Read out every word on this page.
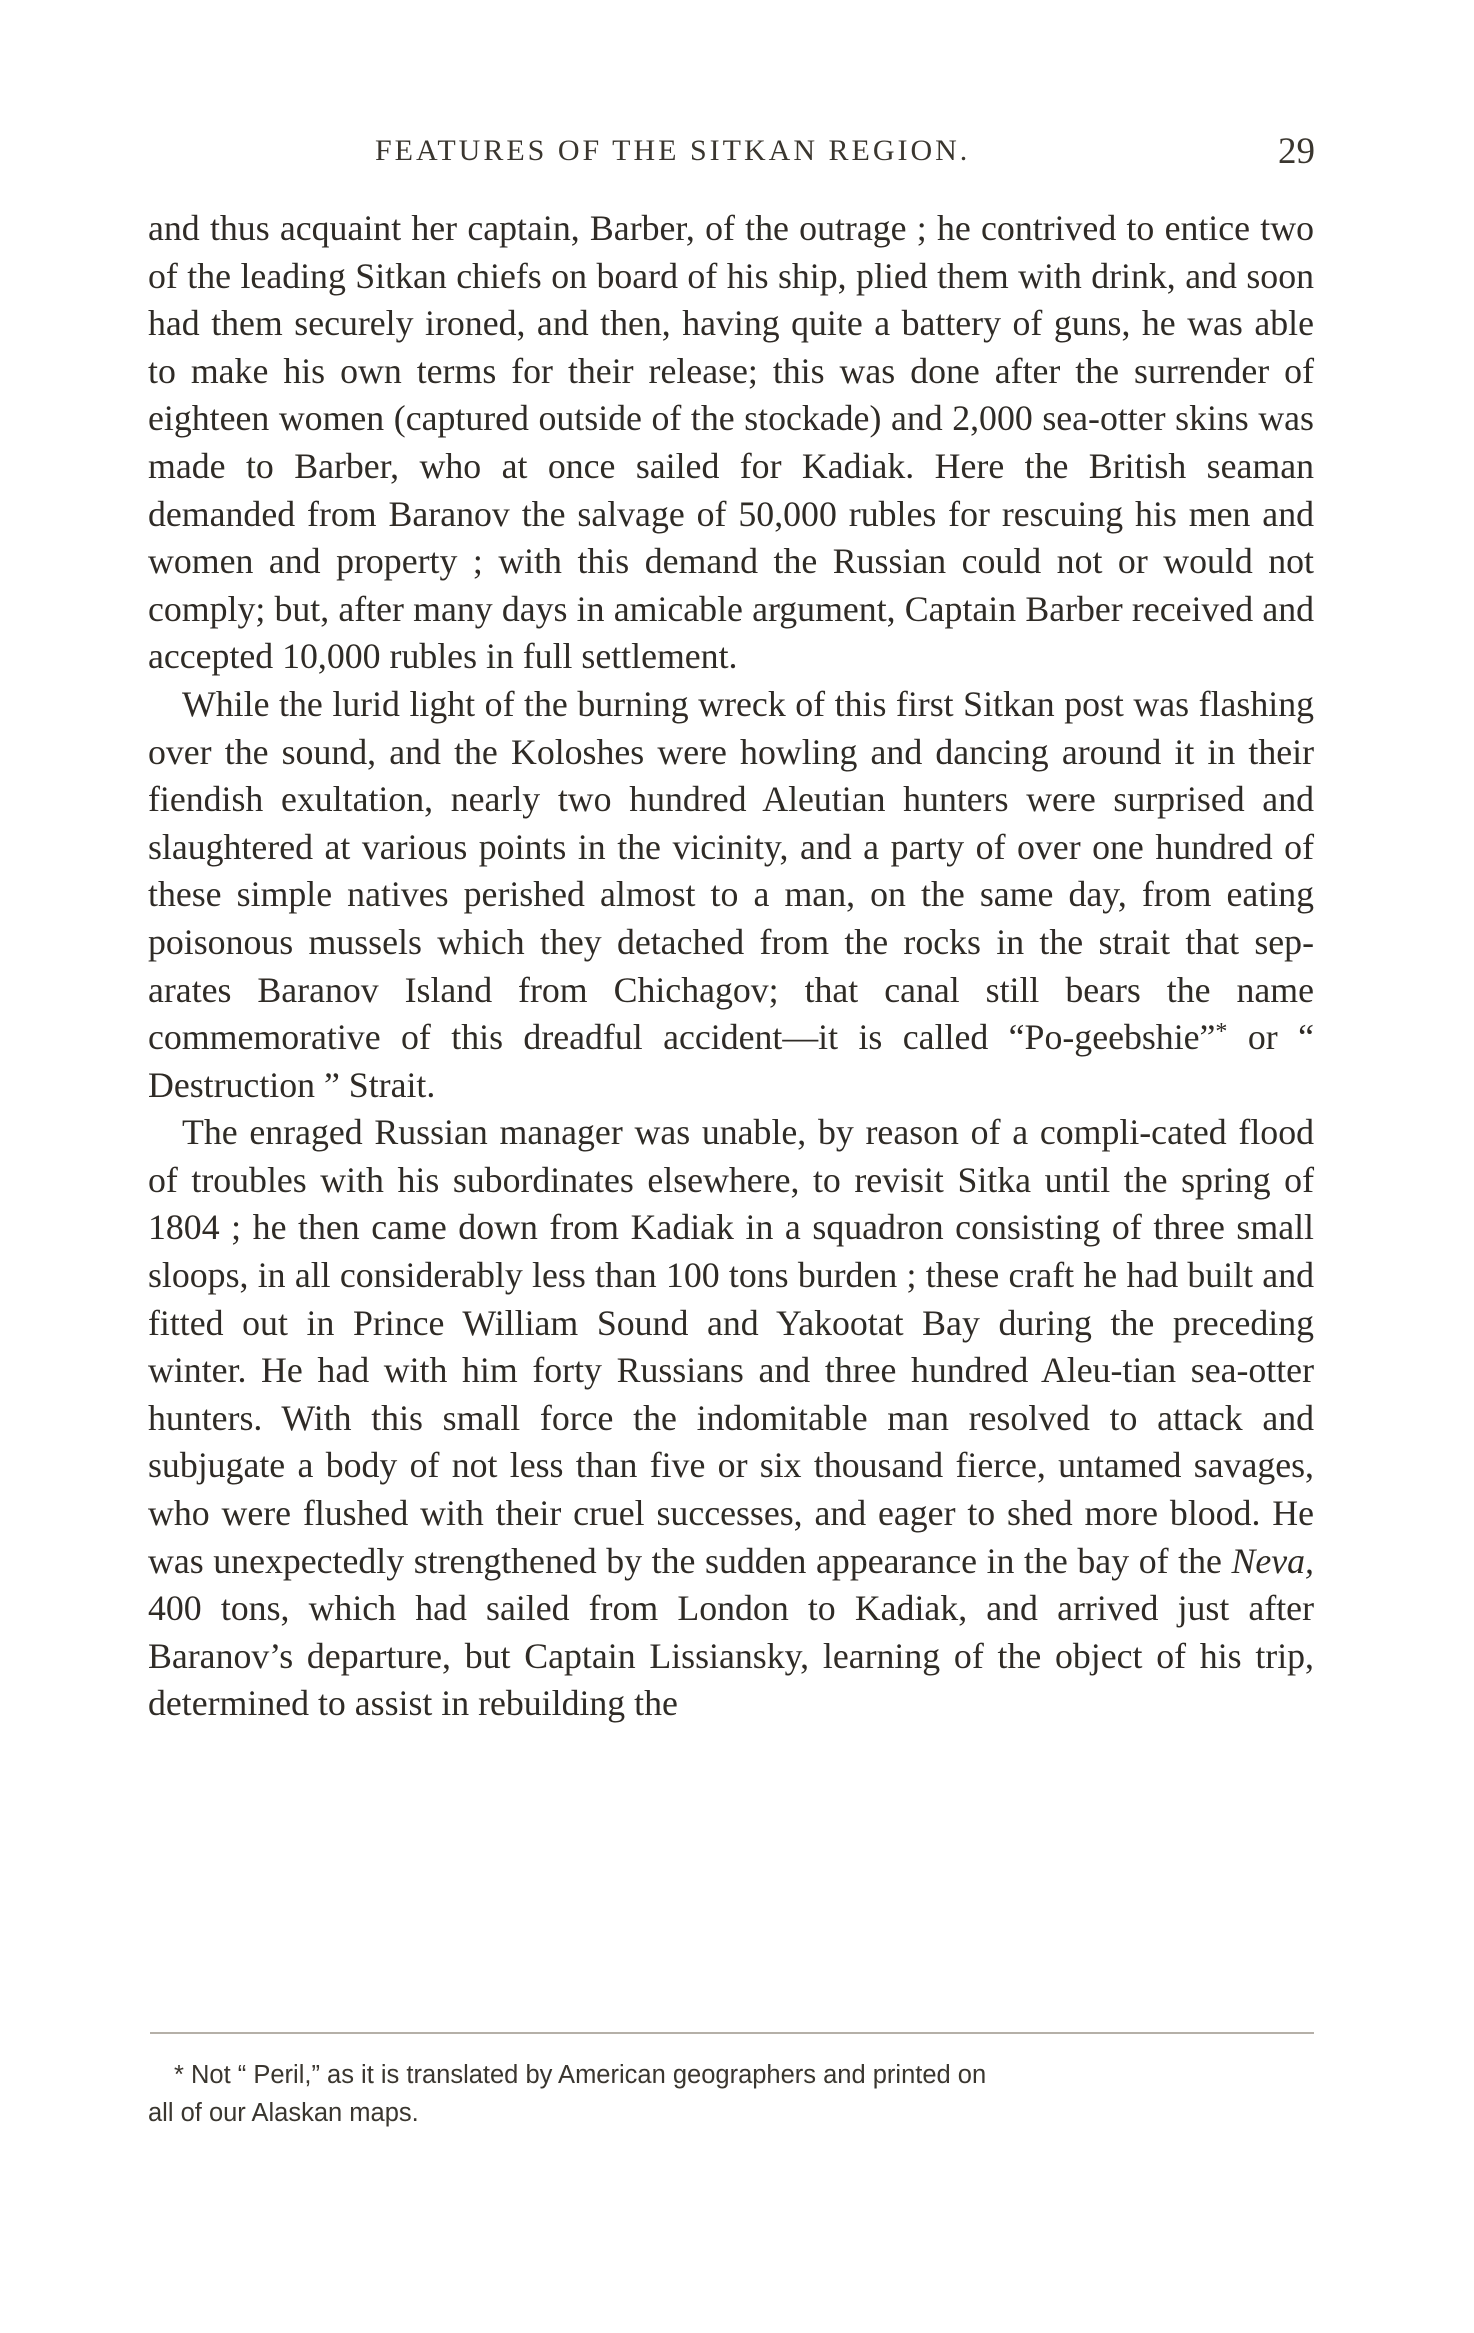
FEATURES OF THE SITKAN REGION.	29

and thus acquaint her captain, Barber, of the outrage ; he contrived to entice two of the leading Sitkan chiefs on board of his ship, plied them with drink, and soon had them securely ironed, and then, having quite a battery of guns, he was able to make his own terms for their release; this was done after the surrender of eighteen women (captured outside of the stockade) and 2,000 sea-otter skins was made to Barber, who at once sailed for Kadiak. Here the British seaman demanded from Baranov the salvage of 50,000 rubles for rescuing his men and women and property ; with this demand the Russian could not or would not comply; but, after many days in amicable argument, Captain Barber received and accepted 10,000 rubles in full settlement.

While the lurid light of the burning wreck of this first Sitkan post was flashing over the sound, and the Koloshes were howling and dancing around it in their fiendish exultation, nearly two hundred Aleutian hunters were surprised and slaughtered at various points in the vicinity, and a party of over one hundred of these simple natives perished almost to a man, on the same day, from eating poisonous mussels which they detached from the rocks in the strait that sep-arates Baranov Island from Chichagov; that canal still bears the name commemorative of this dreadful accident—it is called “Po-geebshie”* or “ Destruction ” Strait.

The enraged Russian manager was unable, by reason of a compli-cated flood of troubles with his subordinates elsewhere, to revisit Sitka until the spring of 1804 ; he then came down from Kadiak in a squadron consisting of three small sloops, in all considerably less than 100 tons burden ; these craft he had built and fitted out in Prince William Sound and Yakootat Bay during the preceding winter. He had with him forty Russians and three hundred Aleu-tian sea-otter hunters. With this small force the indomitable man resolved to attack and subjugate a body of not less than five or six thousand fierce, untamed savages, who were flushed with their cruel successes, and eager to shed more blood. He was unexpectedly strengthened by the sudden appearance in the bay of the Neva, 400 tons, which had sailed from London to Kadiak, and arrived just after Baranov’s departure, but Captain Lissiansky, learning of the object of his trip, determined to assist in rebuilding the

* Not “ Peril,” as it is translated by American geographers and printed on
all of our Alaskan maps.
